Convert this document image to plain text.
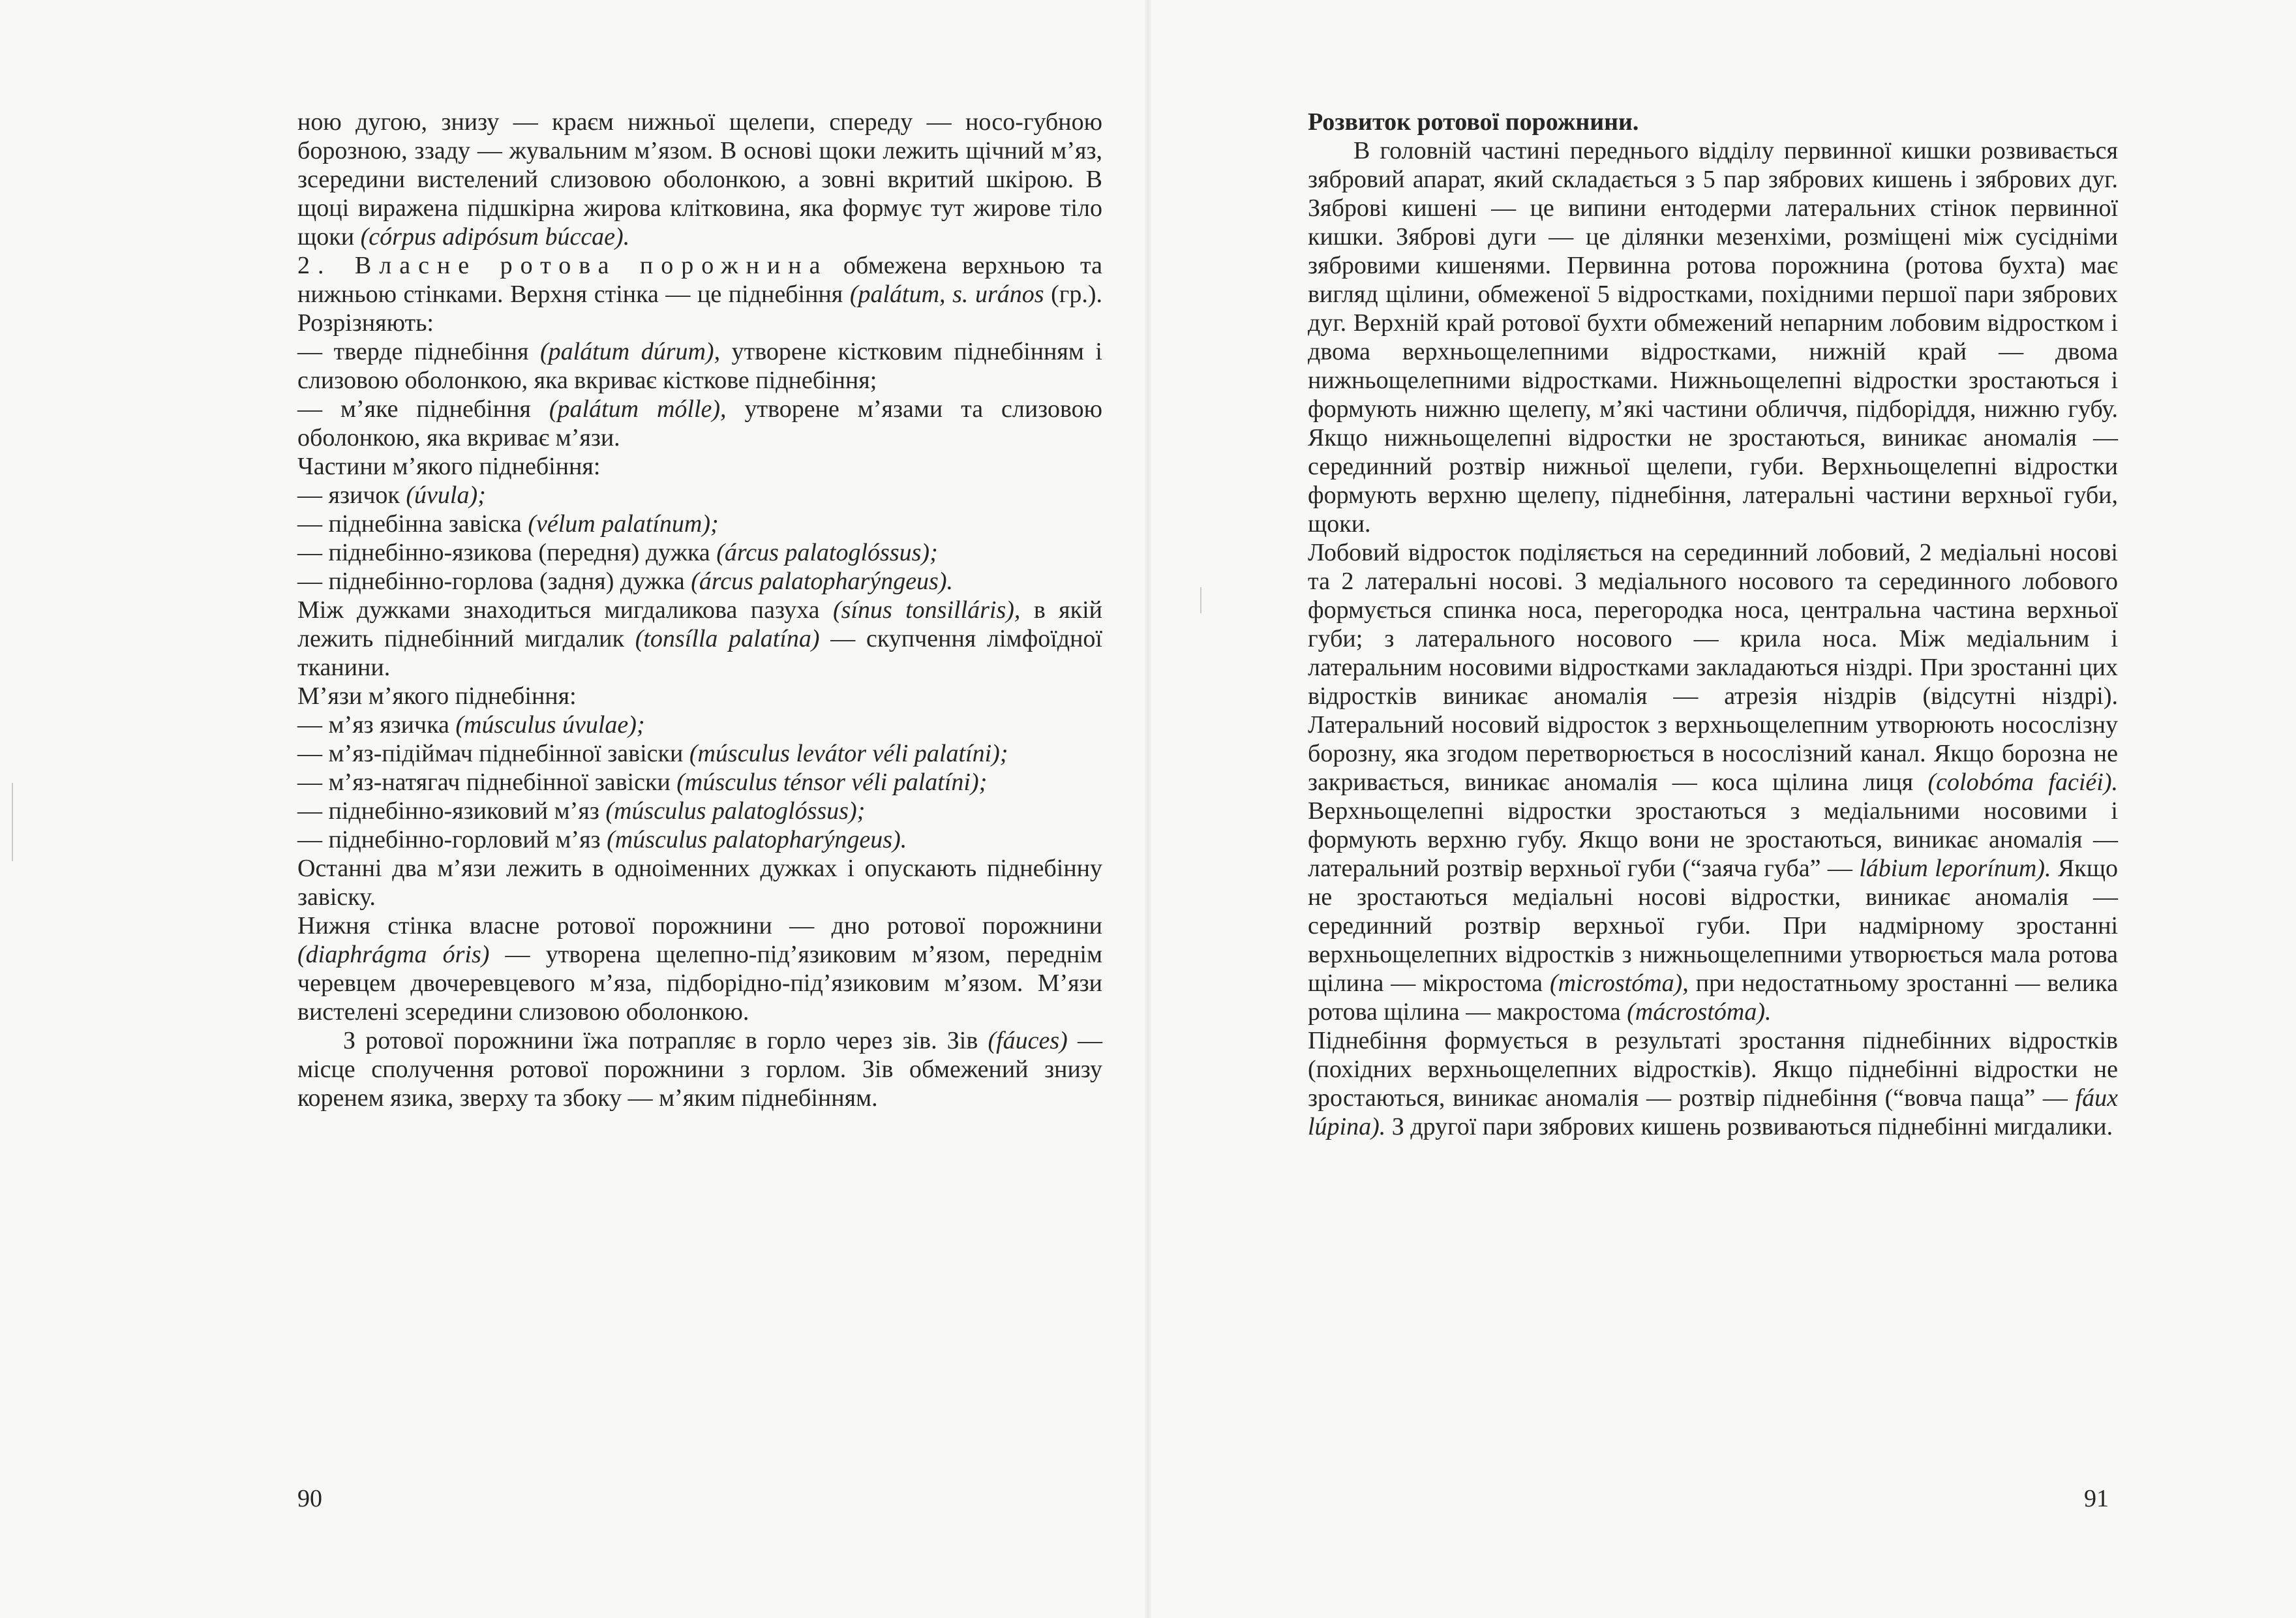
ною дугою, знизу — краєм нижньої щелепи, спереду — носо-губною борозною, ззаду — жувальним м’язом. В основі щоки лежить щічний м’яз, зсередини вистелений слизовою оболонкою, а зовні вкритий шкірою. В щоці виражена підшкірна жирова клітковина, яка формує тут жирове тіло щоки (córpus adipósum búccae).

2. Власне ротова порожнина обмежена верхньою та нижньою стінками. Верхня стінка — це піднебіння (palátum, s. urános (гр.). Розрізняють:

— тверде піднебіння (palátum dúrum), утворене кістковим піднебінням і слизовою оболонкою, яка вкриває кісткове піднебіння;

— м’яке піднебіння (palátum mólle), утворене м’язами та слизовою оболонкою, яка вкриває м’язи.

Частини м’якого піднебіння:

— язичок (úvula);

— піднебінна завіска (vélum palatínum);

— піднебінно-язикова (передня) дужка (árcus palatoglóssus);

— піднебінно-горлова (задня) дужка (árcus palatopharýngeus).

Між дужками знаходиться мигдаликова пазуха (sínus tonsilláris), в якій лежить піднебінний мигдалик (tonsílla palatína) — скупчення лімфоїдної тканини.

М’язи м’якого піднебіння:

— м’яз язичка (músculus úvulae);

— м’яз-підіймач піднебінної завіски (músculus levátor véli palatíni);

— м’яз-натягач піднебінної завіски (músculus ténsor véli palatíni);

— піднебінно-язиковий м’яз (músculus palatoglóssus);

— піднебінно-горловий м’яз (músculus palatopharýngeus).

Останні два м’язи лежить в одноіменних дужках і опускають піднебінну завіску.

Нижня стінка власне ротової порожнини — дно ротової порожнини (diaphrágma óris) — утворена щелепно-під’язиковим м’язом, переднім черевцем двочеревцевого м’яза, підборідно-під’язиковим м’язом. М’язи вистелені зсередини слизовою оболонкою.

З ротової порожнини їжа потрапляє в горло через зів. Зів (fáuces) — місце сполучення ротової порожнини з горлом. Зів обмежений знизу коренем язика, зверху та збоку — м’яким піднебінням.

90

Розвиток ротової порожнини.

В головній частині переднього відділу первинної кишки розвивається зябровий апарат, який складається з 5 пар зябрових кишень і зябрових дуг. Зяброві кишені — це випини ентодерми латеральних стінок первинної кишки. Зяброві дуги — це ділянки мезенхіми, розміщені між сусідніми зябровими кишенями. Первинна ротова порожнина (ротова бухта) має вигляд щілини, обмеженої 5 відростками, похідними першої пари зябрових дуг. Верхній край ротової бухти обмежений непарним лобовим відростком і двома верхньощелепними відростками, нижній край — двома нижньощелепними відростками. Нижньощелепні відростки зростаються і формують нижню щелепу, м’які частини обличчя, підборіддя, нижню губу. Якщо нижньощелепні відростки не зростаються, виникає аномалія — серединний розтвір нижньої щелепи, губи. Верхньощелепні відростки формують верхню щелепу, піднебіння, латеральні частини верхньої губи, щоки.

Лобовий відросток поділяється на серединний лобовий, 2 медіальні носові та 2 латеральні носові. З медіального носового та серединного лобового формується спинка носа, перегородка носа, центральна частина верхньої губи; з латерального носового — крила носа. Між медіальним і латеральним носовими відростками закладаються ніздрі. При зростанні цих відростків виникає аномалія — атрезія ніздрів (відсутні ніздрі). Латеральний носовий відросток з верхньощелепним утворюють носослізну борозну, яка згодом перетворюється в носослізний канал. Якщо борозна не закривається, виникає аномалія — коса щілина лиця (colobóma faciéi). Верхньощелепні відростки зростаються з медіальними носовими і формують верхню губу. Якщо вони не зростаються, виникає аномалія — латеральний розтвір верхньої губи (“заяча губа” — lábium leporínum). Якщо не зростаються медіальні носові відростки, виникає аномалія — серединний розтвір верхньої губи. При надмірному зростанні верхньощелепних відростків з нижньощелепними утворюється мала ротова щілина — мікростома (microstóma), при недостатньому зростанні — велика ротова щілина — макростома (mácrostóma).

Піднебіння формується в результаті зростання піднебінних відростків (похідних верхньощелепних відростків). Якщо піднебінні відростки не зростаються, виникає аномалія — розтвір піднебіння (“вовча паща” — fáux lúpina). З другої пари зябрових кишень розвиваються піднебінні мигдалики.

91
